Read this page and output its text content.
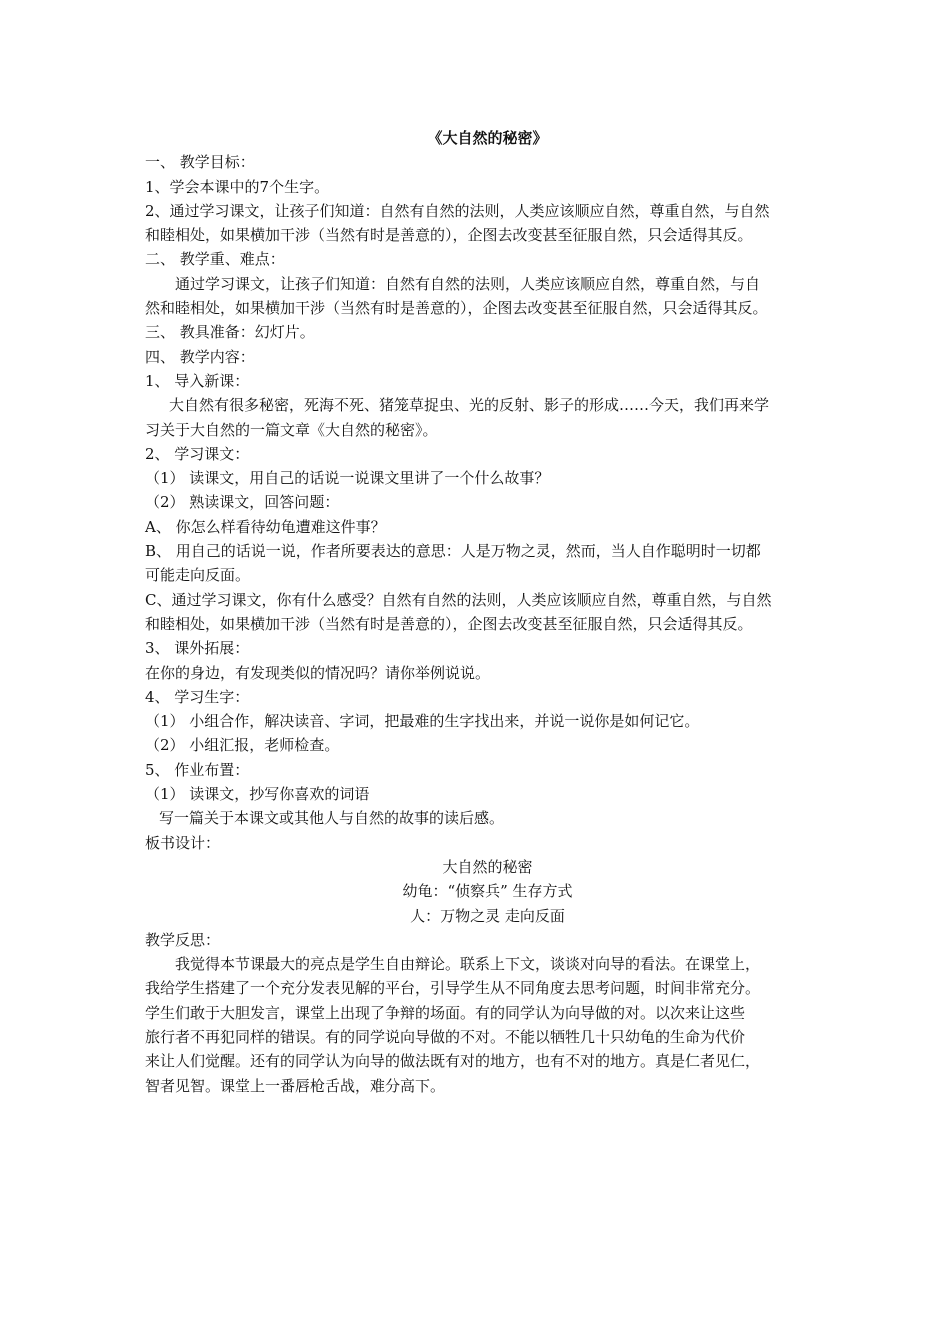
《大自然的秘密》
一、 教学目标：
1、学会本课中的7个生字。
2、通过学习课文，让孩子们知道：自然有自然的法则，人类应该顺应自然，尊重自然，与自然
和睦相处，如果横加干涉（当然有时是善意的），企图去改变甚至征服自然，只会适得其反。
二、 教学重、难点：
通过学习课文，让孩子们知道：自然有自然的法则，人类应该顺应自然，尊重自然，与自
然和睦相处，如果横加干涉（当然有时是善意的），企图去改变甚至征服自然，只会适得其反。
三、 教具准备：幻灯片。
四、 教学内容：
1、 导入新课：
大自然有很多秘密，死海不死、猪笼草捉虫、光的反射、影子的形成……今天，我们再来学
习关于大自然的一篇文章《大自然的秘密》。
2、 学习课文：
（1） 读课文，用自己的话说一说课文里讲了一个什么故事？
（2） 熟读课文，回答问题：
A、 你怎么样看待幼龟遭难这件事？
B、 用自己的话说一说，作者所要表达的意思：人是万物之灵，然而，当人自作聪明时一切都
可能走向反面。
C、通过学习课文，你有什么感受？自然有自然的法则，人类应该顺应自然，尊重自然，与自然
和睦相处，如果横加干涉（当然有时是善意的），企图去改变甚至征服自然，只会适得其反。
3、 课外拓展：
在你的身边，有发现类似的情况吗？请你举例说说。
4、 学习生字：
（1） 小组合作，解决读音、字词，把最难的生字找出来，并说一说你是如何记它。
（2） 小组汇报，老师检查。
5、 作业布置：
（1） 读课文，抄写你喜欢的词语
写一篇关于本课文或其他人与自然的故事的读后感。
板书设计：
大自然的秘密
幼龟：“侦察兵” 生存方式
人：万物之灵 走向反面
教学反思：
我觉得本节课最大的亮点是学生自由辩论。联系上下文，谈谈对向导的看法。在课堂上，
我给学生搭建了一个充分发表见解的平台，引导学生从不同角度去思考问题，时间非常充分。
学生们敢于大胆发言，课堂上出现了争辩的场面。有的同学认为向导做的对。以次来让这些
旅行者不再犯同样的错误。有的同学说向导做的不对。不能以牺牲几十只幼龟的生命为代价
来让人们觉醒。还有的同学认为向导的做法既有对的地方，也有不对的地方。真是仁者见仁，
智者见智。课堂上一番唇枪舌战，难分高下。
